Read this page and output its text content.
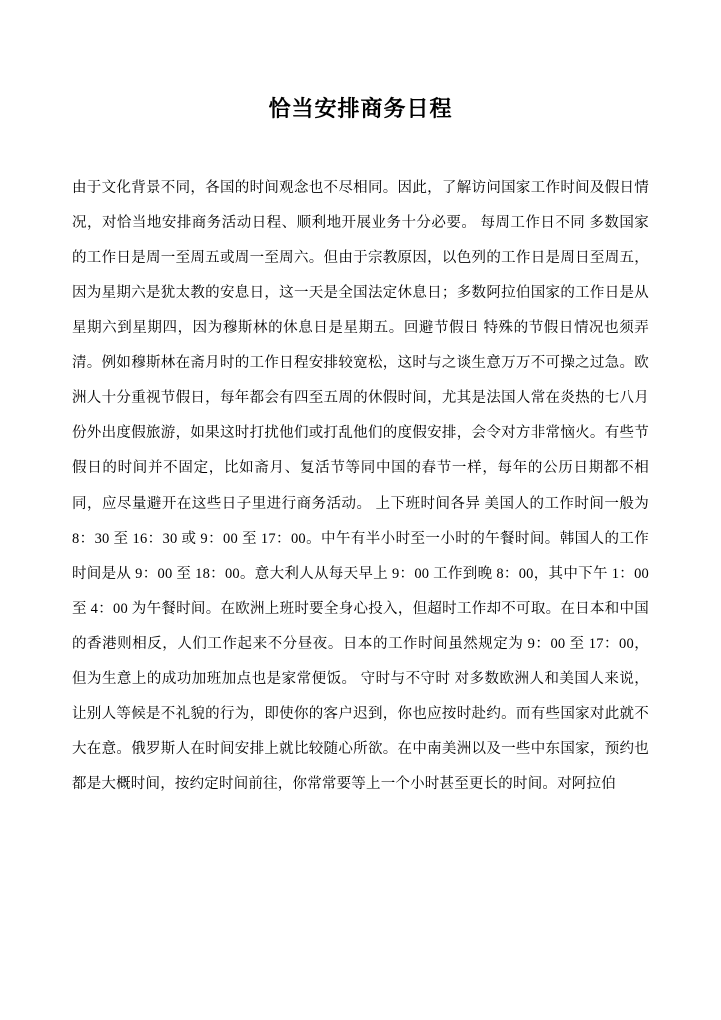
恰当安排商务日程

由于文化背景不同，各国的时间观念也不尽相同。因此，了解访问国家工作时间及假日情况，对恰当地安排商务活动日程、顺利地开展业务十分必要。 每周工作日不同 多数国家的工作日是周一至周五或周一至周六。但由于宗教原因，以色列的工作日是周日至周五，因为星期六是犹太教的安息日，这一天是全国法定休息日；多数阿拉伯国家的工作日是从星期六到星期四，因为穆斯林的休息日是星期五。回避节假日 特殊的节假日情况也须弄清。例如穆斯林在斋月时的工作日程安排较宽松，这时与之谈生意万万不可操之过急。欧洲人十分重视节假日，每年都会有四至五周的休假时间，尤其是法国人常在炎热的七八月份外出度假旅游，如果这时打扰他们或打乱他们的度假安排，会令对方非常恼火。有些节假日的时间并不固定，比如斋月、复活节等同中国的春节一样，每年的公历日期都不相同，应尽量避开在这些日子里进行商务活动。 上下班时间各异 美国人的工作时间一般为 8：30 至 16：30 或 9：00 至 17：00。中午有半小时至一小时的午餐时间。韩国人的工作时间是从 9：00 至 18：00。意大利人从每天早上 9：00 工作到晚 8：00，其中下午 1：00 至 4：00 为午餐时间。在欧洲上班时要全身心投入，但超时工作却不可取。在日本和中国的香港则相反，人们工作起来不分昼夜。日本的工作时间虽然规定为 9：00 至 17：00，但为生意上的成功加班加点也是家常便饭。 守时与不守时 对多数欧洲人和美国人来说，让别人等候是不礼貌的行为，即使你的客户迟到，你也应按时赴约。而有些国家对此就不大在意。俄罗斯人在时间安排上就比较随心所欲。在中南美洲以及一些中东国家，预约也都是大概时间，按约定时间前往，你常常要等上一个小时甚至更长的时间。对阿拉伯
